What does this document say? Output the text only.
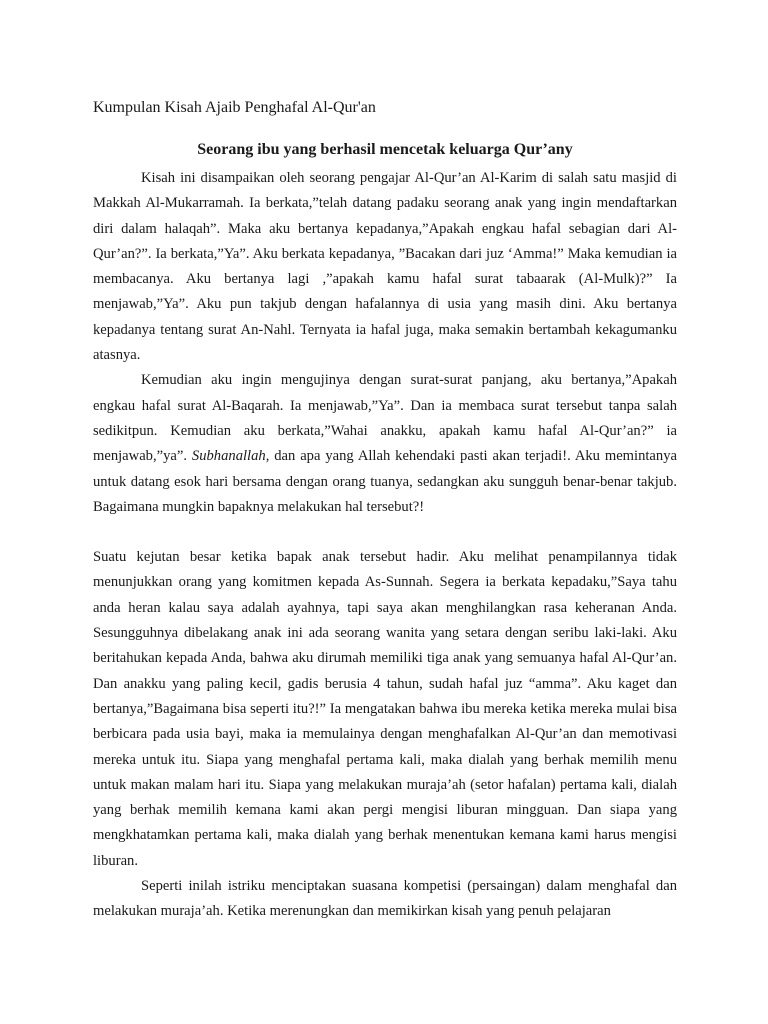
Kumpulan Kisah Ajaib Penghafal Al-Qur'an
Seorang ibu yang berhasil mencetak keluarga Qur’any

Kisah ini disampaikan oleh seorang pengajar Al-Qur’an Al-Karim di salah satu masjid di Makkah Al-Mukarramah. Ia berkata,”telah datang padaku seorang anak yang ingin mendaftarkan diri dalam halaqah”. Maka aku bertanya kepadanya,”Apakah engkau hafal sebagian dari Al-Qur’an?”. Ia berkata,”Ya”. Aku berkata kepadanya, ”Bacakan dari juz ‘Amma!” Maka kemudian ia membacanya. Aku bertanya lagi ,”apakah kamu hafal surat tabaarak (Al-Mulk)?” Ia menjawab,”Ya”. Aku pun takjub dengan hafalannya di usia yang masih dini. Aku bertanya kepadanya tentang surat An-Nahl. Ternyata ia hafal juga, maka semakin bertambah kekagumanku atasnya.

Kemudian aku ingin mengujinya dengan surat-surat panjang, aku bertanya,”Apakah engkau hafal surat Al-Baqarah. Ia menjawab,”Ya”. Dan ia membaca surat tersebut tanpa salah sedikitpun. Kemudian aku berkata,”Wahai anakku, apakah kamu hafal Al-Qur’an?” ia menjawab,”ya”. Subhanallah, dan apa yang Allah kehendaki pasti akan terjadi!. Aku memintanya untuk datang esok hari bersama dengan orang tuanya, sedangkan aku sungguh benar-benar takjub. Bagaimana mungkin bapaknya melakukan hal tersebut?!

Suatu kejutan besar ketika bapak anak tersebut hadir. Aku melihat penampilannya tidak menunjukkan orang yang komitmen kepada As-Sunnah. Segera ia berkata kepadaku,”Saya tahu anda heran kalau saya adalah ayahnya, tapi saya akan menghilangkan rasa keheranan Anda. Sesungguhnya dibelakang anak ini ada seorang wanita yang setara dengan seribu laki-laki. Aku beritahukan kepada Anda, bahwa aku dirumah memiliki tiga anak yang semuanya hafal Al-Qur’an. Dan anakku yang paling kecil, gadis berusia 4 tahun, sudah hafal juz “amma”. Aku kaget dan bertanya,”Bagaimana bisa seperti itu?!” Ia mengatakan bahwa ibu mereka ketika mereka mulai bisa berbicara pada usia bayi, maka ia memulainya dengan menghafalkan Al-Qur’an dan memotivasi mereka untuk itu. Siapa yang menghafal pertama kali, maka dialah yang berhak memilih menu untuk makan malam hari itu. Siapa yang melakukan muraja’ah (setor hafalan) pertama kali, dialah yang berhak memilih kemana kami akan pergi mengisi liburan mingguan. Dan siapa yang mengkhatamkan pertama kali, maka dialah yang berhak menentukan kemana kami harus mengisi liburan.

Seperti inilah istriku menciptakan suasana kompetisi (persaingan) dalam menghafal dan melakukan muraja’ah. Ketika merenungkan dan memikirkan kisah yang penuh pelajaran
